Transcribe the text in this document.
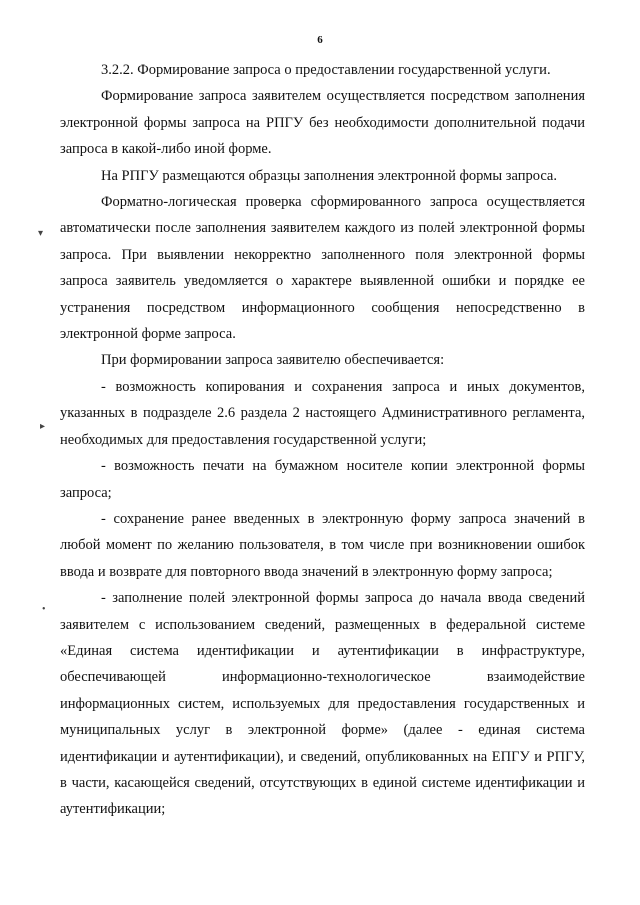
6
▾
▸
•

3.2.2. Формирование запроса о предоставлении государственной услуги.

Формирование запроса заявителем осуществляется посредством заполнения электронной формы запроса на РПГУ без необходимости дополнительной подачи запроса в какой-либо иной форме.

На РПГУ размещаются образцы заполнения электронной формы запроса.

Форматно-логическая проверка сформированного запроса осуществляется автоматически после заполнения заявителем каждого из полей электронной формы запроса. При выявлении некорректно заполненного поля электронной формы запроса заявитель уведомляется о характере выявленной ошибки и порядке ее устранения посредством информационного сообщения непосредственно в электронной форме запроса.

При формировании запроса заявителю обеспечивается:

- возможность копирования и сохранения запроса и иных документов, указанных в подразделе 2.6 раздела 2 настоящего Административного регламента, необходимых для предоставления государственной услуги;

- возможность печати на бумажном носителе копии электронной формы запроса;

- сохранение ранее введенных в электронную форму запроса значений в любой момент по желанию пользователя, в том числе при возникновении ошибок ввода и возврате для повторного ввода значений в электронную форму запроса;

- заполнение полей электронной формы запроса до начала ввода сведений заявителем с использованием сведений, размещенных в федеральной системе «Единая система идентификации и аутентификации в инфраструктуре, обеспечивающей информационно-технологическое взаимодействие информационных систем, используемых для предоставления государственных и муниципальных услуг в электронной форме» (далее - единая система идентификации и аутентификации), и сведений, опубликованных на ЕПГУ и РПГУ, в части, касающейся сведений, отсутствующих в единой системе идентификации и аутентификации;
